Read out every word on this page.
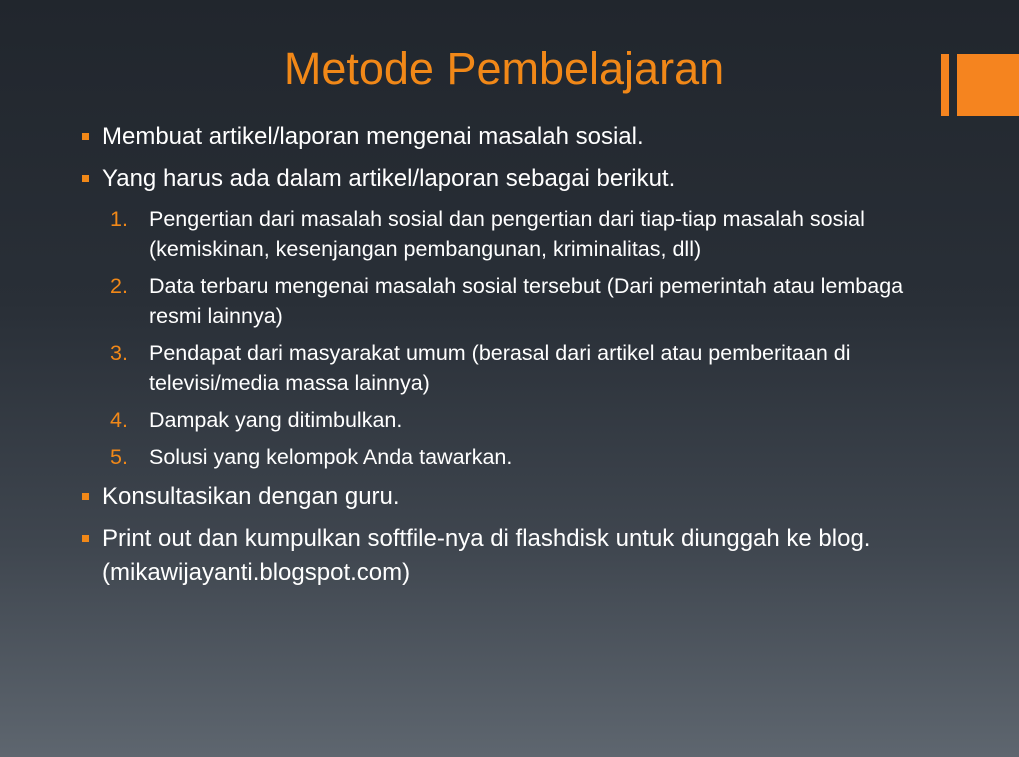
Metode Pembelajaran
Membuat artikel/laporan mengenai masalah sosial.
Yang harus ada dalam artikel/laporan sebagai berikut.
1. Pengertian dari masalah sosial dan pengertian dari tiap-tiap masalah sosial (kemiskinan, kesenjangan pembangunan, kriminalitas, dll)
2. Data terbaru mengenai masalah sosial tersebut (Dari pemerintah atau lembaga resmi lainnya)
3. Pendapat dari masyarakat umum (berasal dari artikel atau pemberitaan di televisi/media massa lainnya)
4. Dampak yang ditimbulkan.
5. Solusi yang kelompok Anda tawarkan.
Konsultasikan dengan guru.
Print out dan kumpulkan softfile-nya di flashdisk untuk diunggah ke blog. (mikawijayanti.blogspot.com)
